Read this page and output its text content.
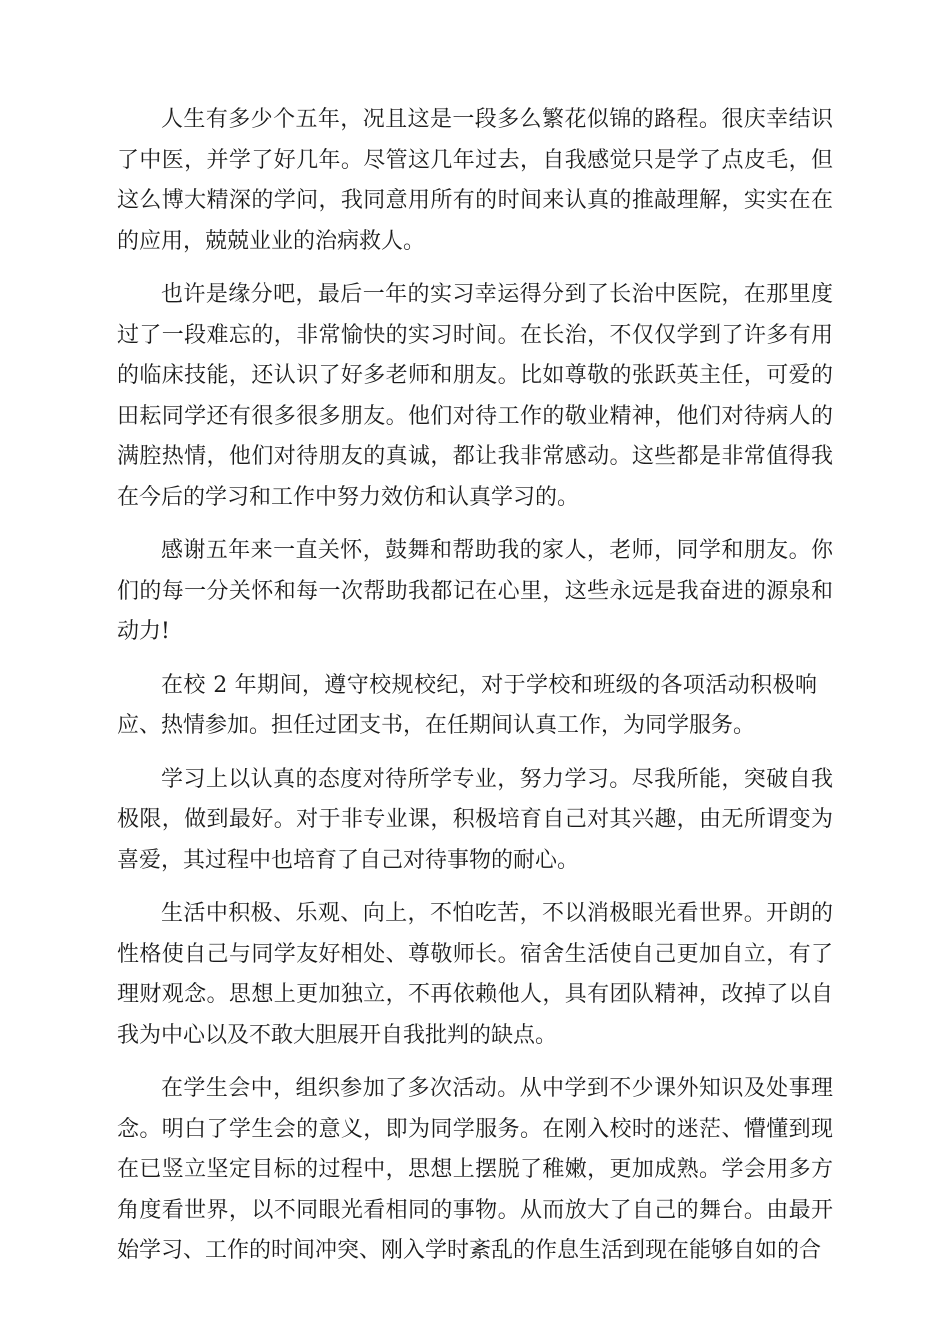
人生有多少个五年，况且这是一段多么繁花似锦的路程。很庆幸结识了中医，并学了好几年。尽管这几年过去，自我感觉只是学了点皮毛，但这么博大精深的学问，我同意用所有的时间来认真的推敲理解，实实在在的应用，兢兢业业的治病救人。

也许是缘分吧，最后一年的实习幸运得分到了长治中医院，在那里度过了一段难忘的，非常愉快的实习时间。在长治，不仅仅学到了许多有用的临床技能，还认识了好多老师和朋友。比如尊敬的张跃英主任，可爱的田耘同学还有很多很多朋友。他们对待工作的敬业精神，他们对待病人的满腔热情，他们对待朋友的真诚，都让我非常感动。这些都是非常值得我在今后的学习和工作中努力效仿和认真学习的。

感谢五年来一直关怀，鼓舞和帮助我的家人，老师，同学和朋友。你们的每一分关怀和每一次帮助我都记在心里，这些永远是我奋进的源泉和动力!

在校 2 年期间，遵守校规校纪，对于学校和班级的各项活动积极响应、热情参加。担任过团支书，在任期间认真工作，为同学服务。

学习上以认真的态度对待所学专业，努力学习。尽我所能，突破自我极限，做到最好。对于非专业课，积极培育自己对其兴趣，由无所谓变为喜爱，其过程中也培育了自己对待事物的耐心。

生活中积极、乐观、向上，不怕吃苦，不以消极眼光看世界。开朗的性格使自己与同学友好相处、尊敬师长。宿舍生活使自己更加自立，有了理财观念。思想上更加独立，不再依赖他人，具有团队精神，改掉了以自我为中心以及不敢大胆展开自我批判的缺点。

在学生会中，组织参加了多次活动。从中学到不少课外知识及处事理念。明白了学生会的意义，即为同学服务。在刚入校时的迷茫、懵懂到现在已竖立坚定目标的过程中，思想上摆脱了稚嫩，更加成熟。学会用多方角度看世界，以不同眼光看相同的事物。从而放大了自己的舞台。由最开始学习、工作的时间冲突、刚入学时紊乱的作息生活到现在能够自如的合
